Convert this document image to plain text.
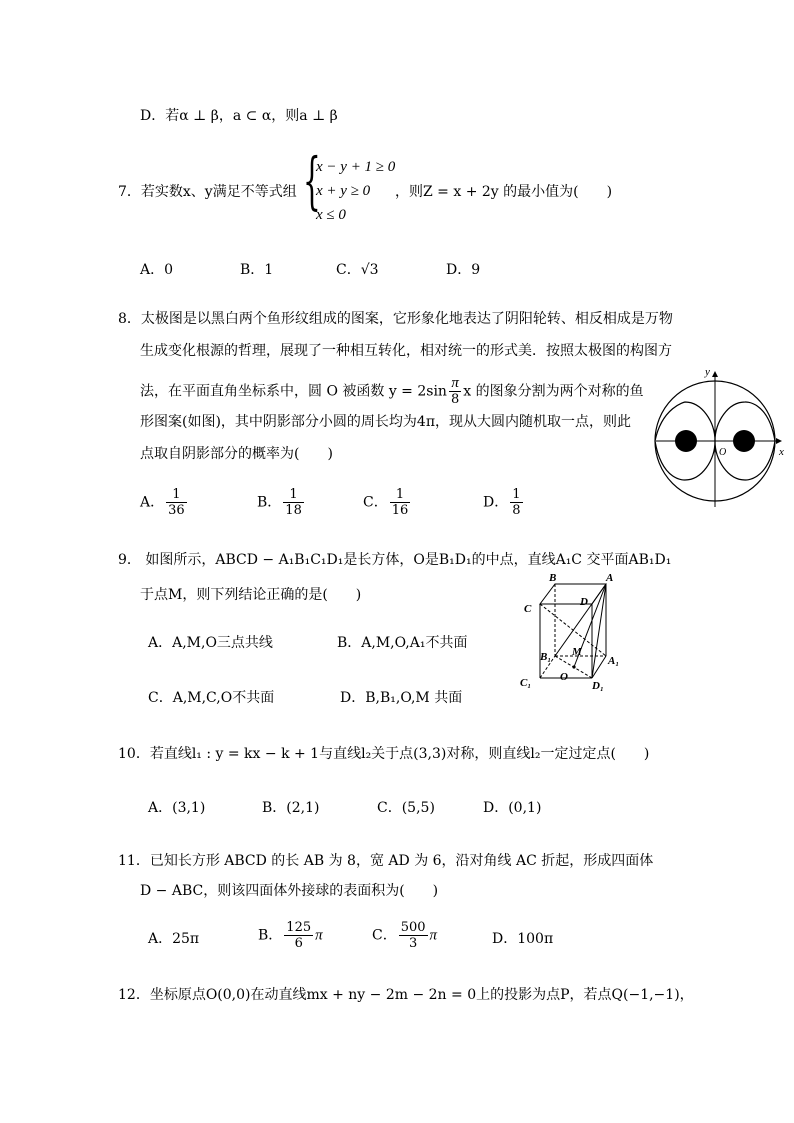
D．若α ⊥ β，a ⊂ α，则a ⊥ β
7．若实数x、y满足不等式组 {
x − y + 1 ≥ 0
x + y ≥ 0
x ≤ 0
，则Z = x + 2y 的最小值为(　　)
A．0	B．1	C．√3	D．9
8．太极图是以黑白两个鱼形纹组成的图案，它形象化地表达了阴阳轮转、相反相成是万物
生成变化根源的哲理，展现了一种相互转化，相对统一的形式美．按照太极图的构图方
法，在平面直角坐标系中，圆 O 被函数 $y = 2\sin \frac{\pi}{8}$ x 的图象分割为两个对称的鱼
形图案(如图)，其中阴影部分小圆的周长均为4π，现从大圆内随机取一点，则此
点取自阴影部分的概率为(　　)
A． $\frac{1}{36}$	B． $\frac{1}{18}$	C． $\frac{1}{16}$	D． $\frac{1}{8}$
y
x
O
9． 如图所示，ABCD − A₁B₁C₁D₁是长方体，O是B₁D₁的中点，直线A₁C 交平面AB₁D₁
于点M，则下列结论正确的是(　　)
A．A,M,O三点共线	B．A,M,O,A₁不共面
C．A,M,C,O不共面	D．B,B₁,O,M 共面
B	A
C
D
B₁ M
A₁
C₁	O
D₁
10．若直线l₁ : y = kx − k + 1与直线l₂关于点(3,3)对称，则直线l₂一定过定点(　　)
A．(3,1)	B．(2,1)	C．(5,5)	D．(0,1)
11．已知长方形 ABCD 的长 AB 为 8，宽 AD 为 6，沿对角线 AC 折起，形成四面体
D − ABC，则该四面体外接球的表面积为(　　)
A．25π	B． $\frac{125}{6}$ π	C． $\frac{500}{3}$ π	D．100π
12．坐标原点O(0,0)在动直线mx + ny − 2m − 2n = 0上的投影为点P，若点Q(−1,−1)，
